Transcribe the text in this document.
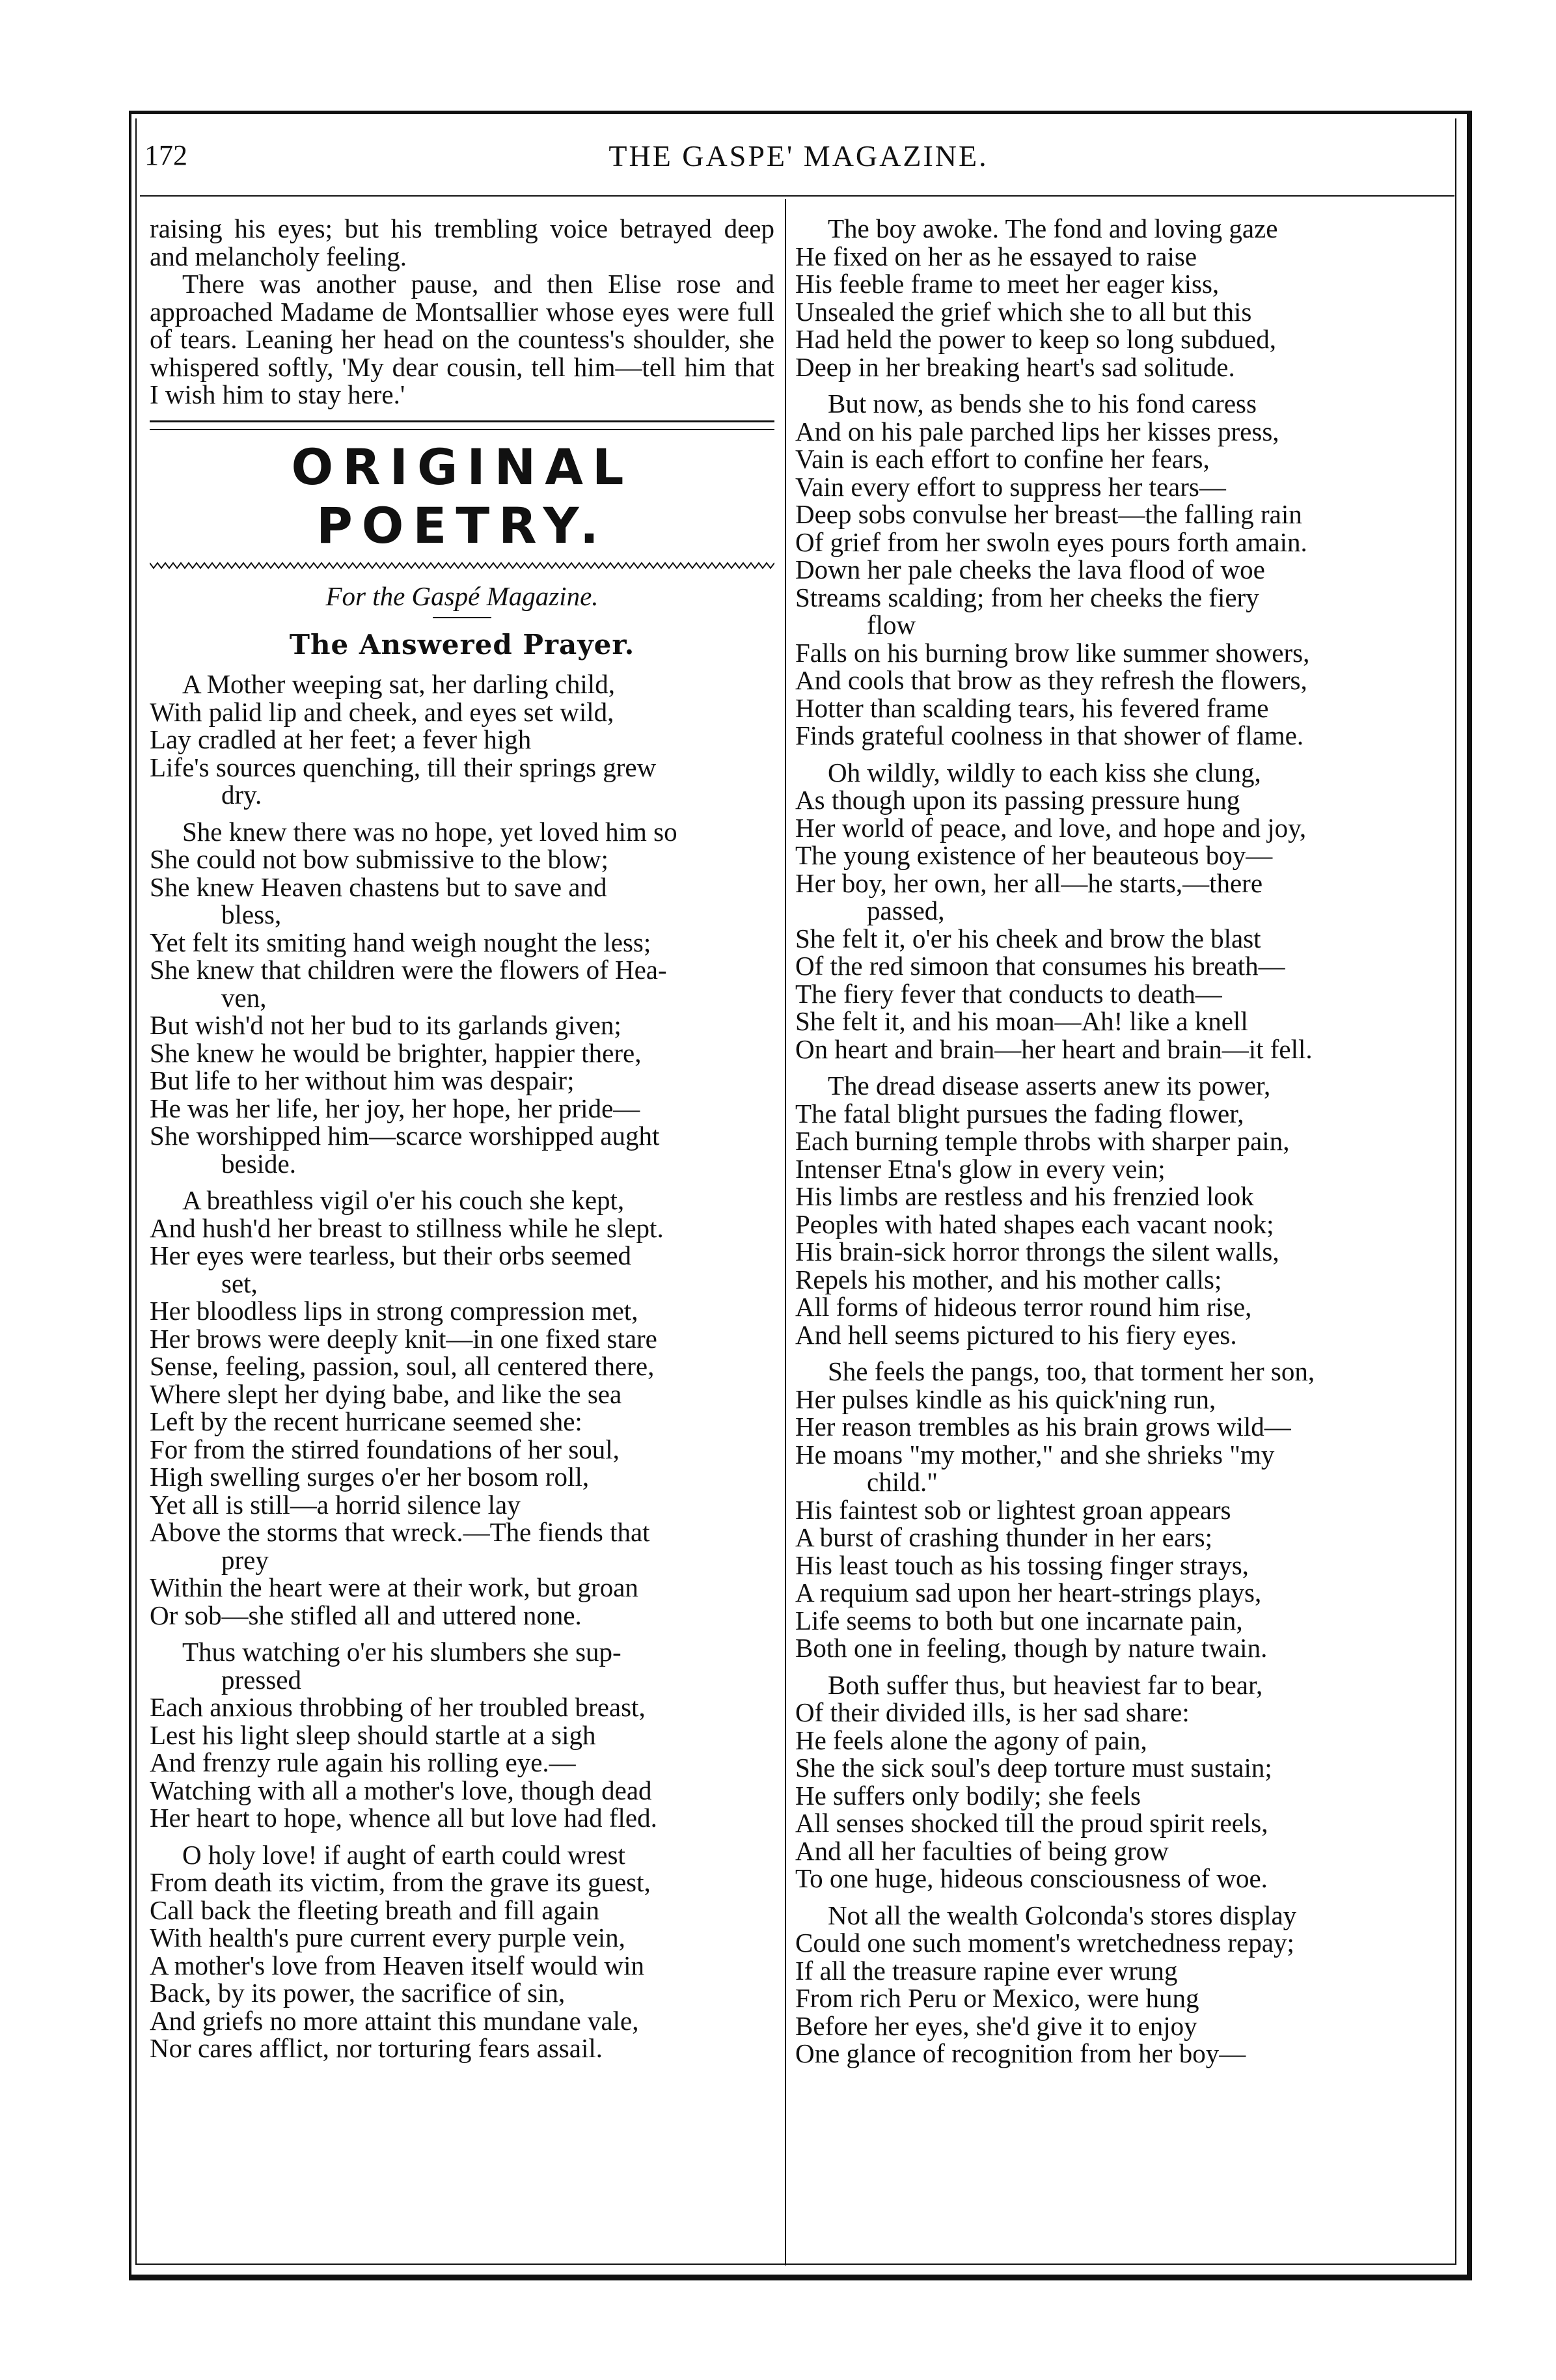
172	THE GASPE' MAGAZINE.

raising his eyes; but his trembling voice betrayed deep and melancholy feeling.

There was another pause, and then Elise rose and approached Madame de Montsallier whose eyes were full of tears. Leaning her head on the countess's shoulder, she whispered softly, 'My dear cousin, tell him—tell him that I wish him to stay here.'

ORIGINAL POETRY.

For the Gaspé Magazine.

The Answered Prayer.

A Mother weeping sat, her darling child,
With palid lip and cheek, and eyes set wild,
Lay cradled at her feet; a fever high
Life's sources quenching, till their springs grew
dry.
She knew there was no hope, yet loved him so
She could not bow submissive to the blow;
She knew Heaven chastens but to save and
bless,
Yet felt its smiting hand weigh nought the less;
She knew that children were the flowers of Hea-
ven,
But wish'd not her bud to its garlands given;
She knew he would be brighter, happier there,
But life to her without him was despair;
He was her life, her joy, her hope, her pride—
She worshipped him—scarce worshipped aught
beside.
A breathless vigil o'er his couch she kept,
And hush'd her breast to stillness while he slept.
Her eyes were tearless, but their orbs seemed
set,
Her bloodless lips in strong compression met,
Her brows were deeply knit—in one fixed stare
Sense, feeling, passion, soul, all centered there,
Where slept her dying babe, and like the sea
Left by the recent hurricane seemed she:
For from the stirred foundations of her soul,
High swelling surges o'er her bosom roll,
Yet all is still—a horrid silence lay
Above the storms that wreck.—The fiends that
prey
Within the heart were at their work, but groan
Or sob—she stifled all and uttered none.
Thus watching o'er his slumbers she sup-
pressed
Each anxious throbbing of her troubled breast,
Lest his light sleep should startle at a sigh
And frenzy rule again his rolling eye.—
Watching with all a mother's love, though dead
Her heart to hope, whence all but love had fled.
O holy love! if aught of earth could wrest
From death its victim, from the grave its guest,
Call back the fleeting breath and fill again
With health's pure current every purple vein,
A mother's love from Heaven itself would win
Back, by its power, the sacrifice of sin,
And griefs no more attaint this mundane vale,
Nor cares afflict, nor torturing fears assail.
The boy awoke. The fond and loving gaze
He fixed on her as he essayed to raise
His feeble frame to meet her eager kiss,
Unsealed the grief which she to all but this
Had held the power to keep so long subdued,
Deep in her breaking heart's sad solitude.
But now, as bends she to his fond caress
And on his pale parched lips her kisses press,
Vain is each effort to confine her fears,
Vain every effort to suppress her tears—
Deep sobs convulse her breast—the falling rain
Of grief from her swoln eyes pours forth amain.
Down her pale cheeks the lava flood of woe
Streams scalding; from her cheeks the fiery
flow
Falls on his burning brow like summer showers,
And cools that brow as they refresh the flowers,
Hotter than scalding tears, his fevered frame
Finds grateful coolness in that shower of flame.
Oh wildly, wildly to each kiss she clung,
As though upon its passing pressure hung
Her world of peace, and love, and hope and joy,
The young existence of her beauteous boy—
Her boy, her own, her all—he starts,—there
passed,
She felt it, o'er his cheek and brow the blast
Of the red simoon that consumes his breath—
The fiery fever that conducts to death—
She felt it, and his moan—Ah! like a knell
On heart and brain—her heart and brain—it fell.
The dread disease asserts anew its power,
The fatal blight pursues the fading flower,
Each burning temple throbs with sharper pain,
Intenser Etna's glow in every vein;
His limbs are restless and his frenzied look
Peoples with hated shapes each vacant nook;
His brain-sick horror throngs the silent walls,
Repels his mother, and his mother calls;
All forms of hideous terror round him rise,
And hell seems pictured to his fiery eyes.
She feels the pangs, too, that torment her son,
Her pulses kindle as his quick'ning run,
Her reason trembles as his brain grows wild—
He moans "my mother," and she shrieks "my
child."
His faintest sob or lightest groan appears
A burst of crashing thunder in her ears;
His least touch as his tossing finger strays,
A requium sad upon her heart-strings plays,
Life seems to both but one incarnate pain,
Both one in feeling, though by nature twain.
Both suffer thus, but heaviest far to bear,
Of their divided ills, is her sad share:
He feels alone the agony of pain,
She the sick soul's deep torture must sustain;
He suffers only bodily; she feels
All senses shocked till the proud spirit reels,
And all her faculties of being grow
To one huge, hideous consciousness of woe.
Not all the wealth Golconda's stores display
Could one such moment's wretchedness repay;
If all the treasure rapine ever wrung
From rich Peru or Mexico, were hung
Before her eyes, she'd give it to enjoy
One glance of recognition from her boy—
